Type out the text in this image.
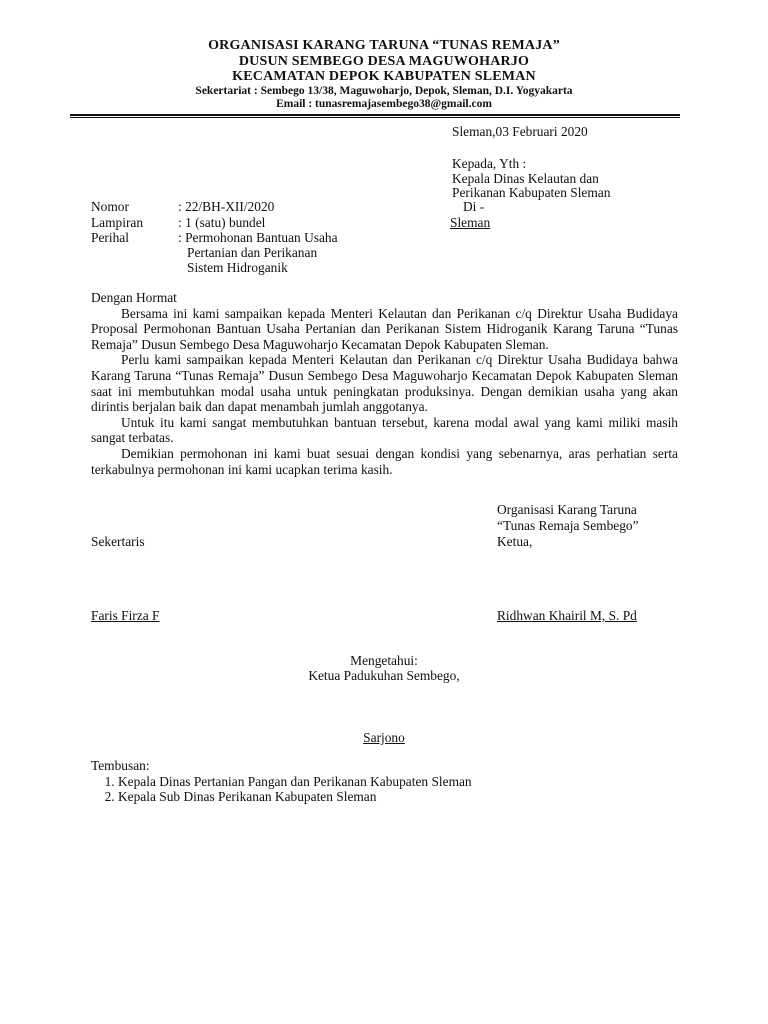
ORGANISASI KARANG TARUNA “TUNAS REMAJA”
DUSUN SEMBEGO DESA MAGUWOHARJO
KECAMATAN DEPOK KABUPATEN SLEMAN
Sekertariat : Sembego 13/38, Maguwoharjo, Depok, Sleman, D.I. Yogyakarta
Email : tunasremajasembego38@gmail.com
Sleman,03 Februari 2020
Kepada, Yth :
Kepala Dinas Kelautan dan
Perikanan Kabupaten Sleman
Di -
Sleman
Nomor	: 22/BH-XII/2020
Lampiran	: 1 (satu) bundel
Perihal	: Permohonan Bantuan Usaha
Pertanian dan Perikanan
Sistem Hidroganik

Dengan Hormat

Bersama ini kami sampaikan kepada Menteri Kelautan dan Perikanan c/q Direktur Usaha Budidaya Proposal Permohonan Bantuan Usaha Pertanian dan Perikanan Sistem Hidroganik Karang Taruna “Tunas Remaja” Dusun Sembego Desa Maguwoharjo Kecamatan Depok Kabupaten Sleman.

Perlu kami sampaikan kepada Menteri Kelautan dan Perikanan c/q Direktur Usaha Budidaya bahwa Karang Taruna “Tunas Remaja” Dusun Sembego Desa Maguwoharjo Kecamatan Depok Kabupaten Sleman saat ini membutuhkan modal usaha untuk peningkatan produksinya. Dengan demikian usaha yang akan dirintis berjalan baik dan dapat menambah jumlah anggotanya.

Untuk itu kami sangat membutuhkan bantuan tersebut, karena modal awal yang kami miliki masih sangat terbatas.

Demikian permohonan ini kami buat sesuai dengan kondisi yang sebenarnya, aras perhatian serta terkabulnya permohonan ini kami ucapkan terima kasih.

Organisasi Karang Taruna
“Tunas Remaja Sembego”
Sekertaris	Ketua,
Faris Firza F	Ridhwan Khairil M, S. Pd
Mengetahui:
Ketua Padukuhan Sembego,
Sarjono
Tembusan:
1. Kepala Dinas Pertanian Pangan dan Perikanan Kabupaten Sleman
2. Kepala Sub Dinas Perikanan Kabupaten Sleman
